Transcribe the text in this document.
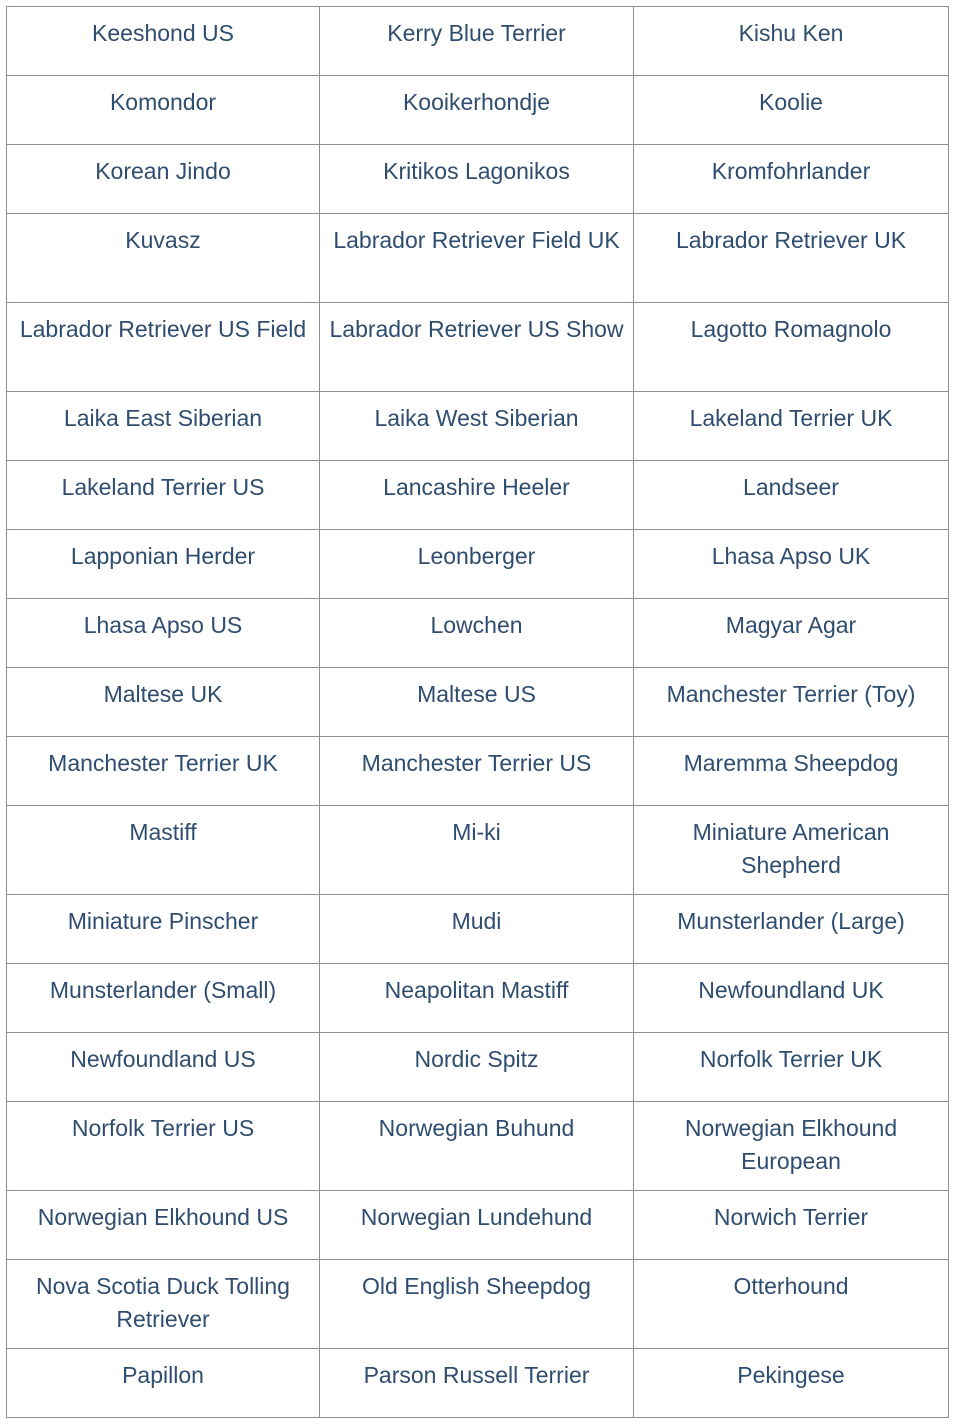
Keeshond US	Kerry Blue Terrier	Kishu Ken
Komondor	Kooikerhondje	Koolie
Korean Jindo	Kritikos Lagonikos	Kromfohrlander
Kuvasz	Labrador Retriever Field UK	Labrador Retriever UK
Labrador Retriever US Field	Labrador Retriever US Show	Lagotto Romagnolo
Laika East Siberian	Laika West Siberian	Lakeland Terrier UK
Lakeland Terrier US	Lancashire Heeler	Landseer
Lapponian Herder	Leonberger	Lhasa Apso UK
Lhasa Apso US	Lowchen	Magyar Agar
Maltese UK	Maltese US	Manchester Terrier (Toy)
Manchester Terrier UK	Manchester Terrier US	Maremma Sheepdog
Mastiff	Mi-ki	Miniature American Shepherd
Miniature Pinscher	Mudi	Munsterlander (Large)
Munsterlander (Small)	Neapolitan Mastiff	Newfoundland UK
Newfoundland US	Nordic Spitz	Norfolk Terrier UK
Norfolk Terrier US	Norwegian Buhund	Norwegian Elkhound European
Norwegian Elkhound US	Norwegian Lundehund	Norwich Terrier
Nova Scotia Duck Tolling Retriever	Old English Sheepdog	Otterhound
Papillon	Parson Russell Terrier	Pekingese
